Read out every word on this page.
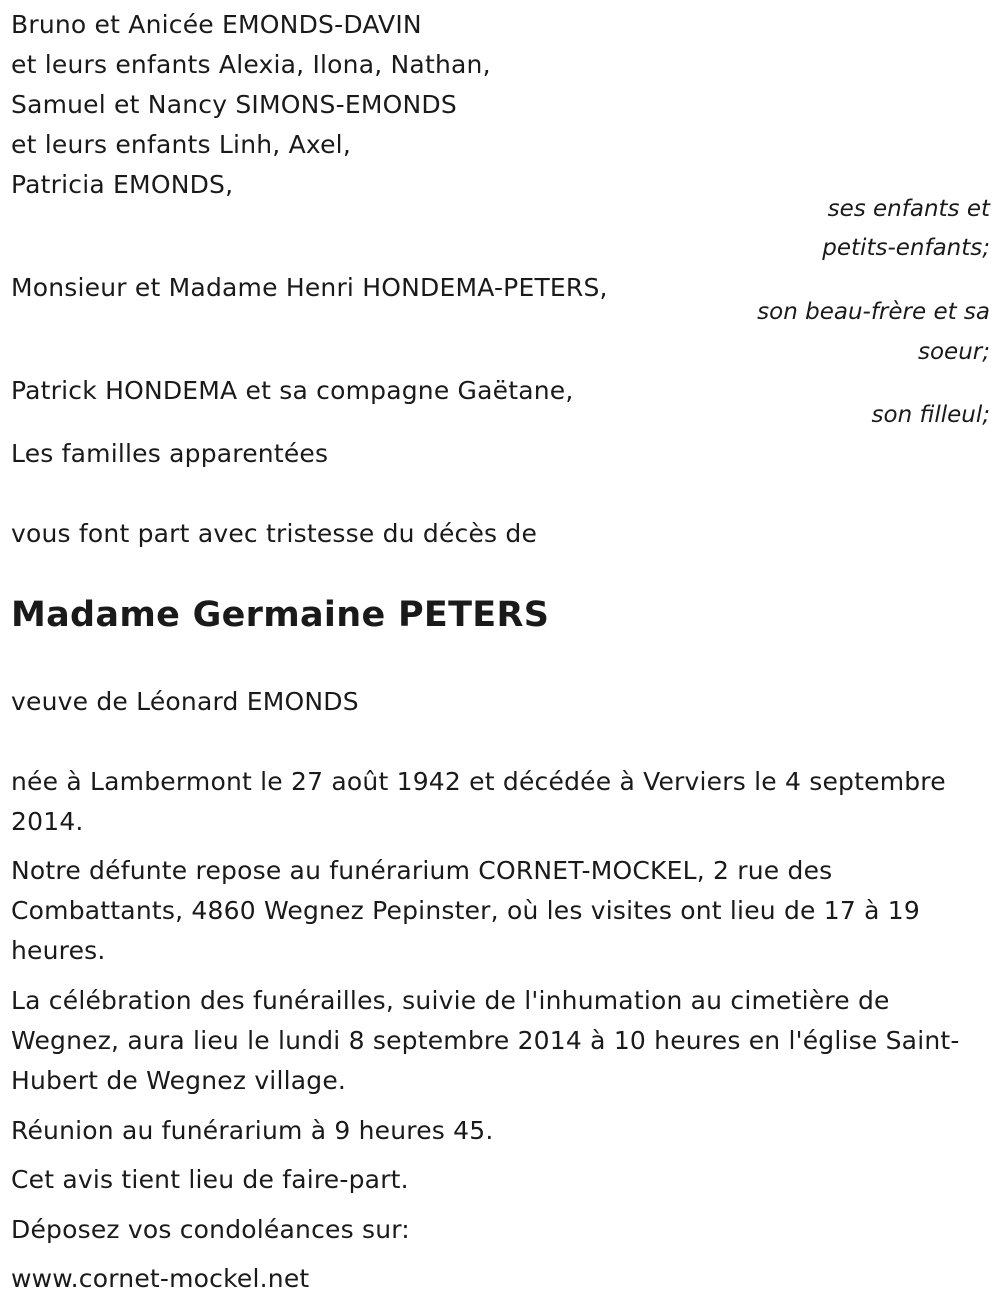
Bruno et Anicée EMONDS-DAVIN
et leurs enfants Alexia, Ilona, Nathan,
Samuel et Nancy SIMONS-EMONDS
et leurs enfants Linh, Axel,
Patricia EMONDS,
ses enfants et
petits-enfants;
Monsieur et Madame Henri HONDEMA-PETERS,
son beau-frère et sa
soeur;
Patrick HONDEMA et sa compagne Gaëtane,
son filleul;
Les familles apparentées
vous font part avec tristesse du décès de
Madame Germaine PETERS
veuve de Léonard EMONDS
née à Lambermont le 27 août 1942 et décédée à Verviers le 4 septembre
2014.
Notre défunte repose au funérarium CORNET-MOCKEL, 2 rue des
Combattants, 4860 Wegnez Pepinster, où les visites ont lieu de 17 à 19
heures.
La célébration des funérailles, suivie de l'inhumation au cimetière de
Wegnez, aura lieu le lundi 8 septembre 2014 à 10 heures en l'église Saint-
Hubert de Wegnez village.
Réunion au funérarium à 9 heures 45.
Cet avis tient lieu de faire-part.
Déposez vos condoléances sur:
www.cornet-mockel.net
